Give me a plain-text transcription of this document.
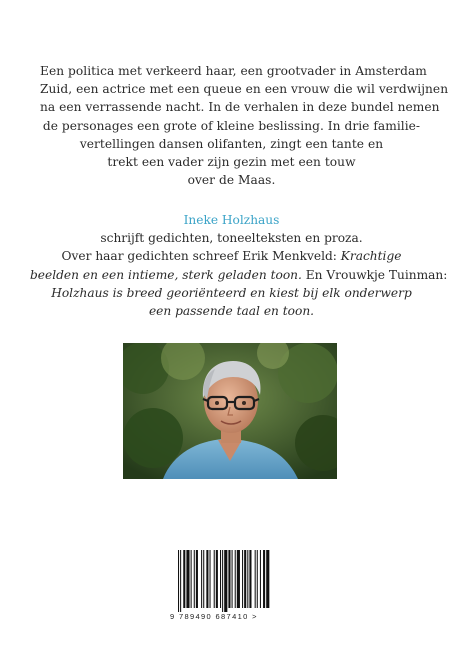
Een politica met verkeerd haar, een grootvader in Amsterdam
Zuid, een actrice met een queue en een vrouw die wil verdwijnen
na een verrassende nacht. In de verhalen in deze bundel nemen
de personages een grote of kleine beslissing. In drie familie-
vertellingen dansen olifanten, zingt een tante en
trekt een vader zijn gezin met een touw
over de Maas.
Ineke Holzhaus
schrijft gedichten, toneelteksten en proza.
Over haar gedichten schreef Erik Menkveld: Krachtige
beelden en een intieme, sterk geladen toon. En Vrouwkje Tuinman:
Holzhaus is breed georiënteerd en kiest bij elk onderwerp
een passende taal en toon.
9 789490 687410 >
